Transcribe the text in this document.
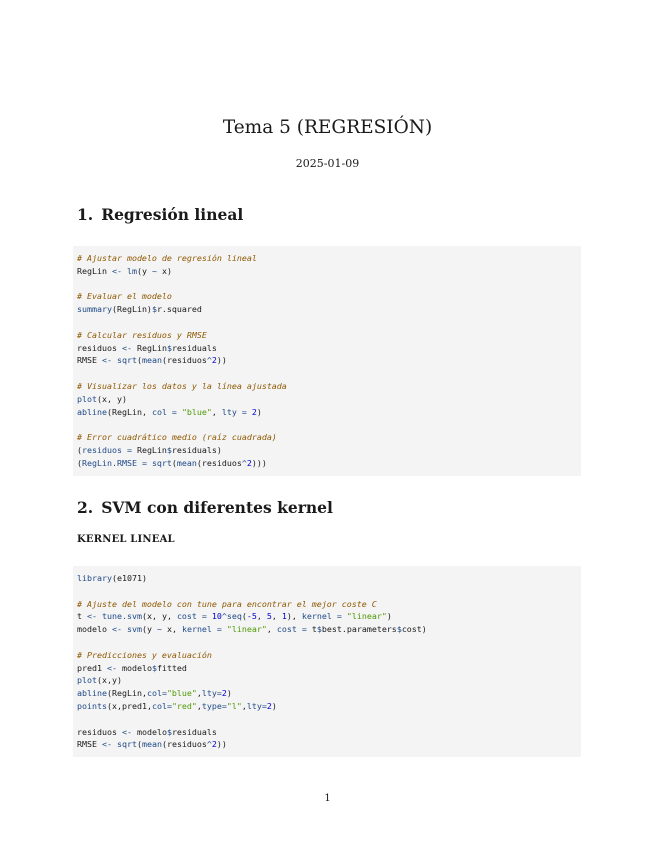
Tema 5 (REGRESIÓN)
2025-01-09
1. Regresión lineal
# Ajustar modelo de regresión lineal
RegLin <- lm(y ~ x)
# Evaluar el modelo
summary(RegLin)$r.squared
# Calcular residuos y RMSE
residuos <- RegLin$residuals
RMSE <- sqrt(mean(residuos^2))
# Visualizar los datos y la línea ajustada
plot(x, y)
abline(RegLin, col = "blue", lty = 2)
# Error cuadrático medio (raíz cuadrada)
(residuos = RegLin$residuals)
(RegLin.RMSE = sqrt(mean(residuos^2)))
2. SVM con diferentes kernel
KERNEL LINEAL
library(e1071)
# Ajuste del modelo con tune para encontrar el mejor coste C
t <- tune.svm(x, y, cost = 10^seq(-5, 5, 1), kernel = "linear")
modelo <- svm(y ~ x, kernel = "linear", cost = t$best.parameters$cost)
# Predicciones y evaluación
pred1 <- modelo$fitted
plot(x,y)
abline(RegLin,col="blue",lty=2)
points(x,pred1,col="red",type="l",lty=2)
residuos <- modelo$residuals
RMSE <- sqrt(mean(residuos^2))
1
